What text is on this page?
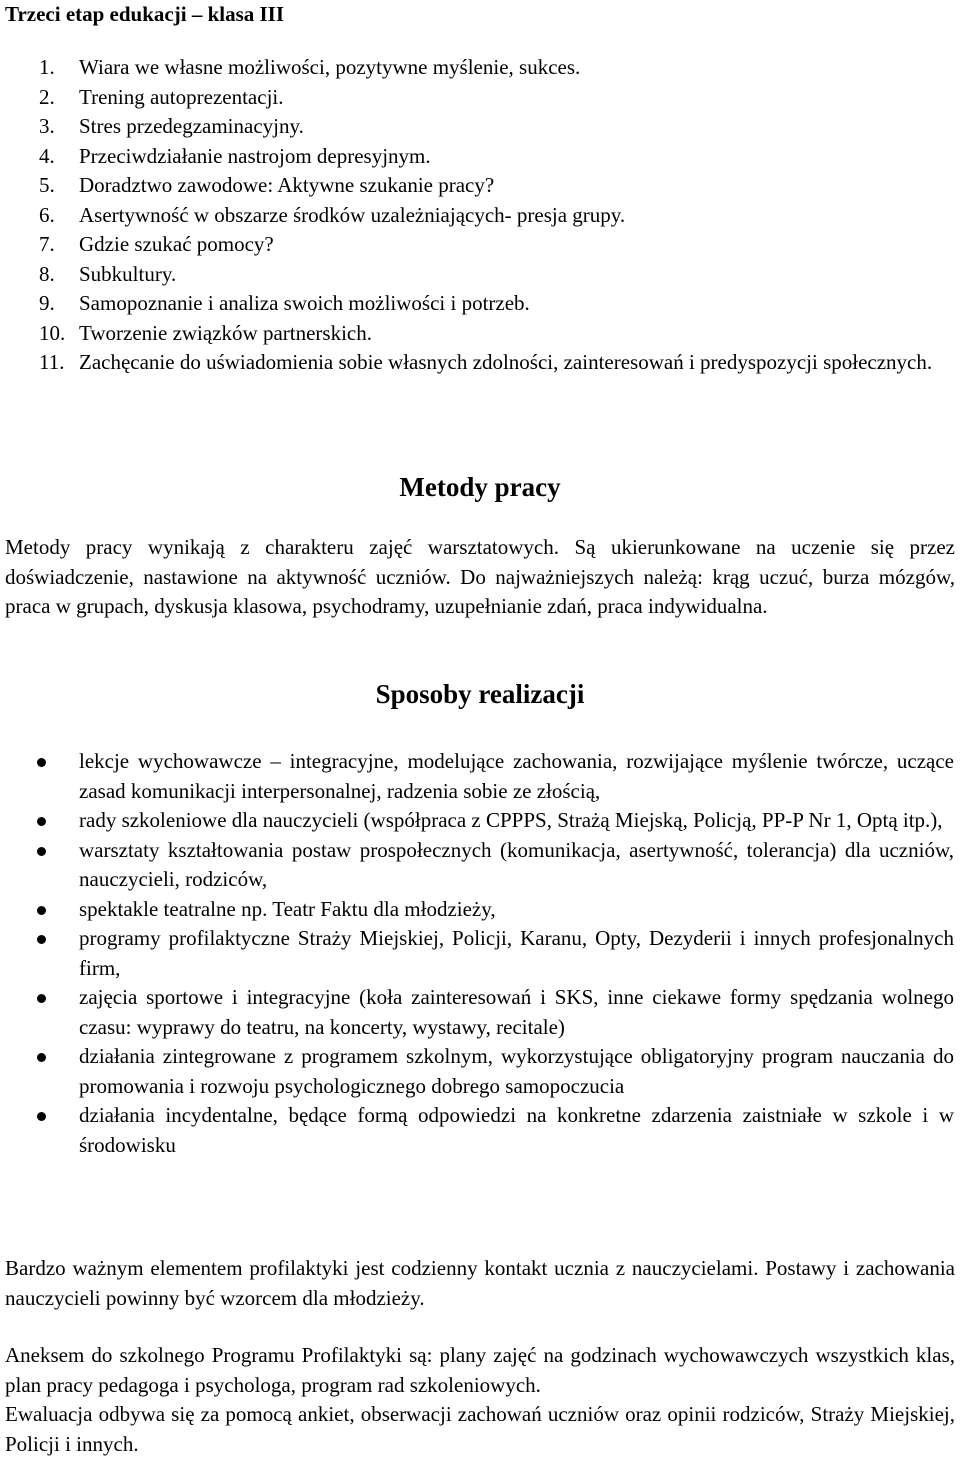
Trzeci etap edukacji – klasa III
1. Wiara we własne możliwości, pozytywne myślenie, sukces.
2. Trening autoprezentacji.
3. Stres przedegzaminacyjny.
4. Przeciwdziałanie nastrojom depresyjnym.
5. Doradztwo zawodowe: Aktywne szukanie pracy?
6. Asertywność w obszarze środków uzależniających- presja grupy.
7. Gdzie szukać pomocy?
8. Subkultury.
9. Samopoznanie i analiza swoich możliwości i potrzeb.
10. Tworzenie związków partnerskich.
11. Zachęcanie do uświadomienia sobie własnych zdolności, zainteresowań i predyspozycji społecznych.
Metody pracy

Metody pracy wynikają z charakteru zajęć warsztatowych. Są ukierunkowane na uczenie się przez doświadczenie, nastawione na aktywność uczniów. Do najważniejszych należą: krąg uczuć, burza mózgów, praca w grupach, dyskusja klasowa, psychodramy, uzupełnianie zdań, praca indywidualna.

Sposoby realizacji
lekcje wychowawcze – integracyjne, modelujące zachowania, rozwijające myślenie twórcze, uczące zasad komunikacji interpersonalnej, radzenia sobie ze złością,
rady szkoleniowe dla nauczycieli (współpraca z CPPPS, Strażą Miejską, Policją, PP-P Nr 1, Optą itp.),
warsztaty kształtowania postaw prospołecznych (komunikacja, asertywność, tolerancja) dla uczniów, nauczycieli, rodziców,
spektakle teatralne np. Teatr Faktu dla młodzieży,
programy profilaktyczne Straży Miejskiej, Policji, Karanu, Opty, Dezyderii i innych profesjonalnych firm,
zajęcia sportowe i integracyjne (koła zainteresowań i SKS, inne ciekawe formy spędzania wolnego czasu: wyprawy do teatru, na koncerty, wystawy, recitale)
działania zintegrowane z programem szkolnym, wykorzystujące obligatoryjny program nauczania do promowania i rozwoju psychologicznego dobrego samopoczucia
działania incydentalne, będące formą odpowiedzi na konkretne zdarzenia zaistniałe w szkole i w środowisku

Bardzo ważnym elementem profilaktyki jest codzienny kontakt ucznia z nauczycielami. Postawy i zachowania nauczycieli powinny być wzorcem dla młodzieży.

Aneksem do szkolnego Programu Profilaktyki są: plany zajęć na godzinach wychowawczych wszystkich klas, plan pracy pedagoga i psychologa, program rad szkoleniowych.

Ewaluacja odbywa się za pomocą ankiet, obserwacji zachowań uczniów oraz opinii rodziców, Straży Miejskiej, Policji i innych.
